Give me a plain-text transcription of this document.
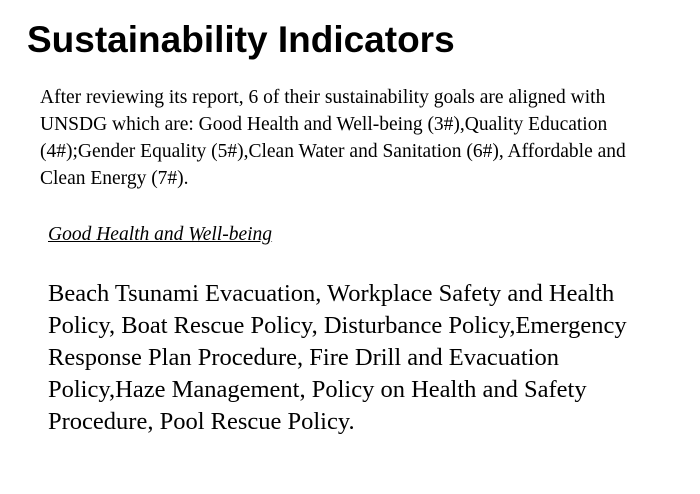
Sustainability Indicators

After reviewing its report, 6 of their sustainability goals are aligned with UNSDG which are: Good Health and Well-being (3#),Quality Education (4#);Gender Equality (5#),Clean Water and Sanitation (6#), Affordable and Clean Energy (7#).

Good Health and Well-being

Beach Tsunami Evacuation, Workplace Safety and Health Policy, Boat Rescue Policy, Disturbance Policy,Emergency Response Plan Procedure, Fire Drill and Evacuation Policy,Haze Management, Policy on Health and Safety Procedure, Pool Rescue Policy.
